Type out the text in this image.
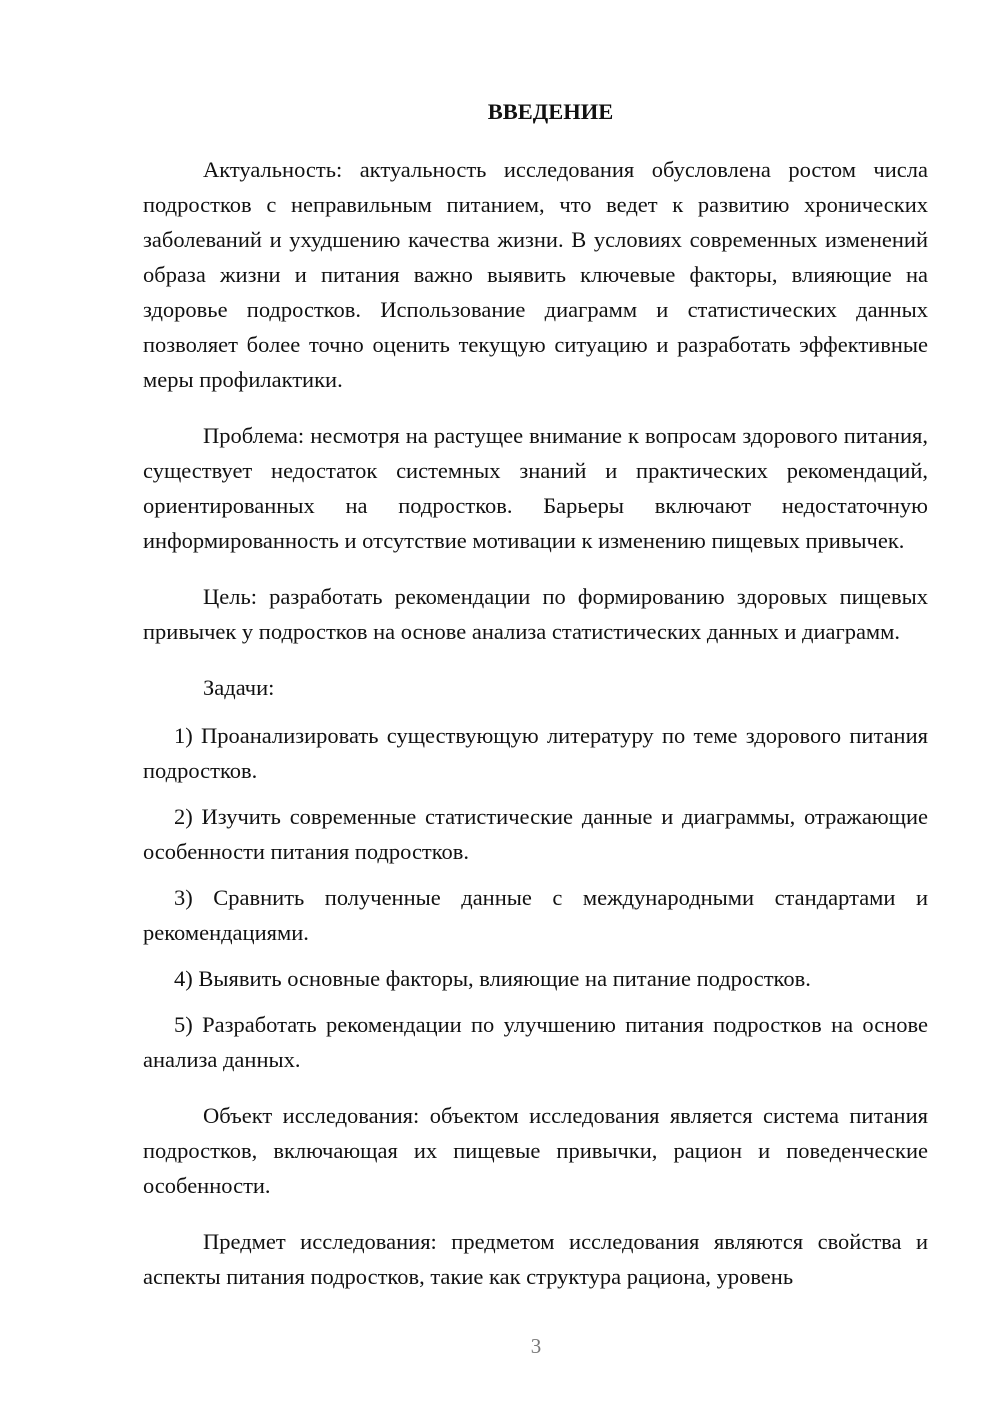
ВВЕДЕНИЕ

Актуальность: актуальность исследования обусловлена ростом числа подростков с неправильным питанием, что ведет к развитию хронических заболеваний и ухудшению качества жизни. В условиях современных изменений образа жизни и питания важно выявить ключевые факторы, влияющие на здоровье подростков. Использование диаграмм и статистических данных позволяет более точно оценить текущую ситуацию и разработать эффективные меры профилактики.

Проблема: несмотря на растущее внимание к вопросам здорового питания, существует недостаток системных знаний и практических рекомендаций, ориентированных на подростков. Барьеры включают недостаточную информированность и отсутствие мотивации к изменению пищевых привычек.

Цель: разработать рекомендации по формированию здоровых пищевых привычек у подростков на основе анализа статистических данных и диаграмм.

Задачи:

1) Проанализировать существующую литературу по теме здорового питания подростков.

2) Изучить современные статистические данные и диаграммы, отражающие особенности питания подростков.

3) Сравнить полученные данные с международными стандартами и рекомендациями.

4) Выявить основные факторы, влияющие на питание подростков.

5) Разработать рекомендации по улучшению питания подростков на основе анализа данных.

Объект исследования: объектом исследования является система питания подростков, включающая их пищевые привычки, рацион и поведенческие особенности.

Предмет исследования: предметом исследования являются свойства и аспекты питания подростков, такие как структура рациона, уровень

3
